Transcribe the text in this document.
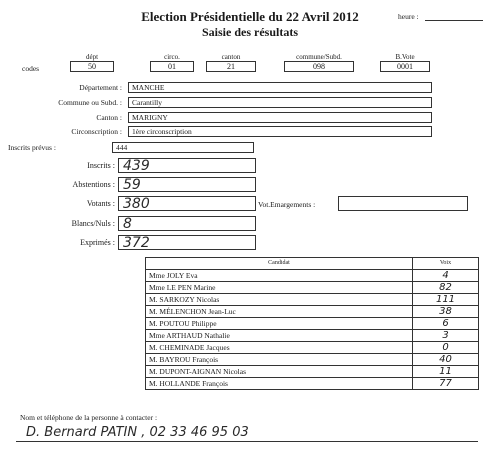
Election Présidentielle du 22 Avril 2012
Saisie des résultats
heure :
codes
dépt
50
circo.
01
canton
21
commune/Subd.
098
B.Vote
0001
Département :	MANCHE
Commune ou Subd. :	Carantilly
Canton :	MARIGNY
Circonscription :	1ère circonscription
Inscrits prévus :	444
Inscrits : 439
Abstentions : 59
Votants : 380	Vot.Emargements :
Blancs/Nuls : 8
Exprimés : 372
Candidat	Voix
Mme JOLY Eva	4
Mme LE PEN Marine	82
M. SARKOZY Nicolas	111
M. MÉLENCHON Jean-Luc	38
M. POUTOU Philippe	6
Mme ARTHAUD Nathalie	3
M. CHEMINADE Jacques	0
M. BAYROU François	40
M. DUPONT-AIGNAN Nicolas	11
M. HOLLANDE François	77
Nom et téléphone de la personne à contacter :
D. Bernard PATIN , 02 33 46 95 03
